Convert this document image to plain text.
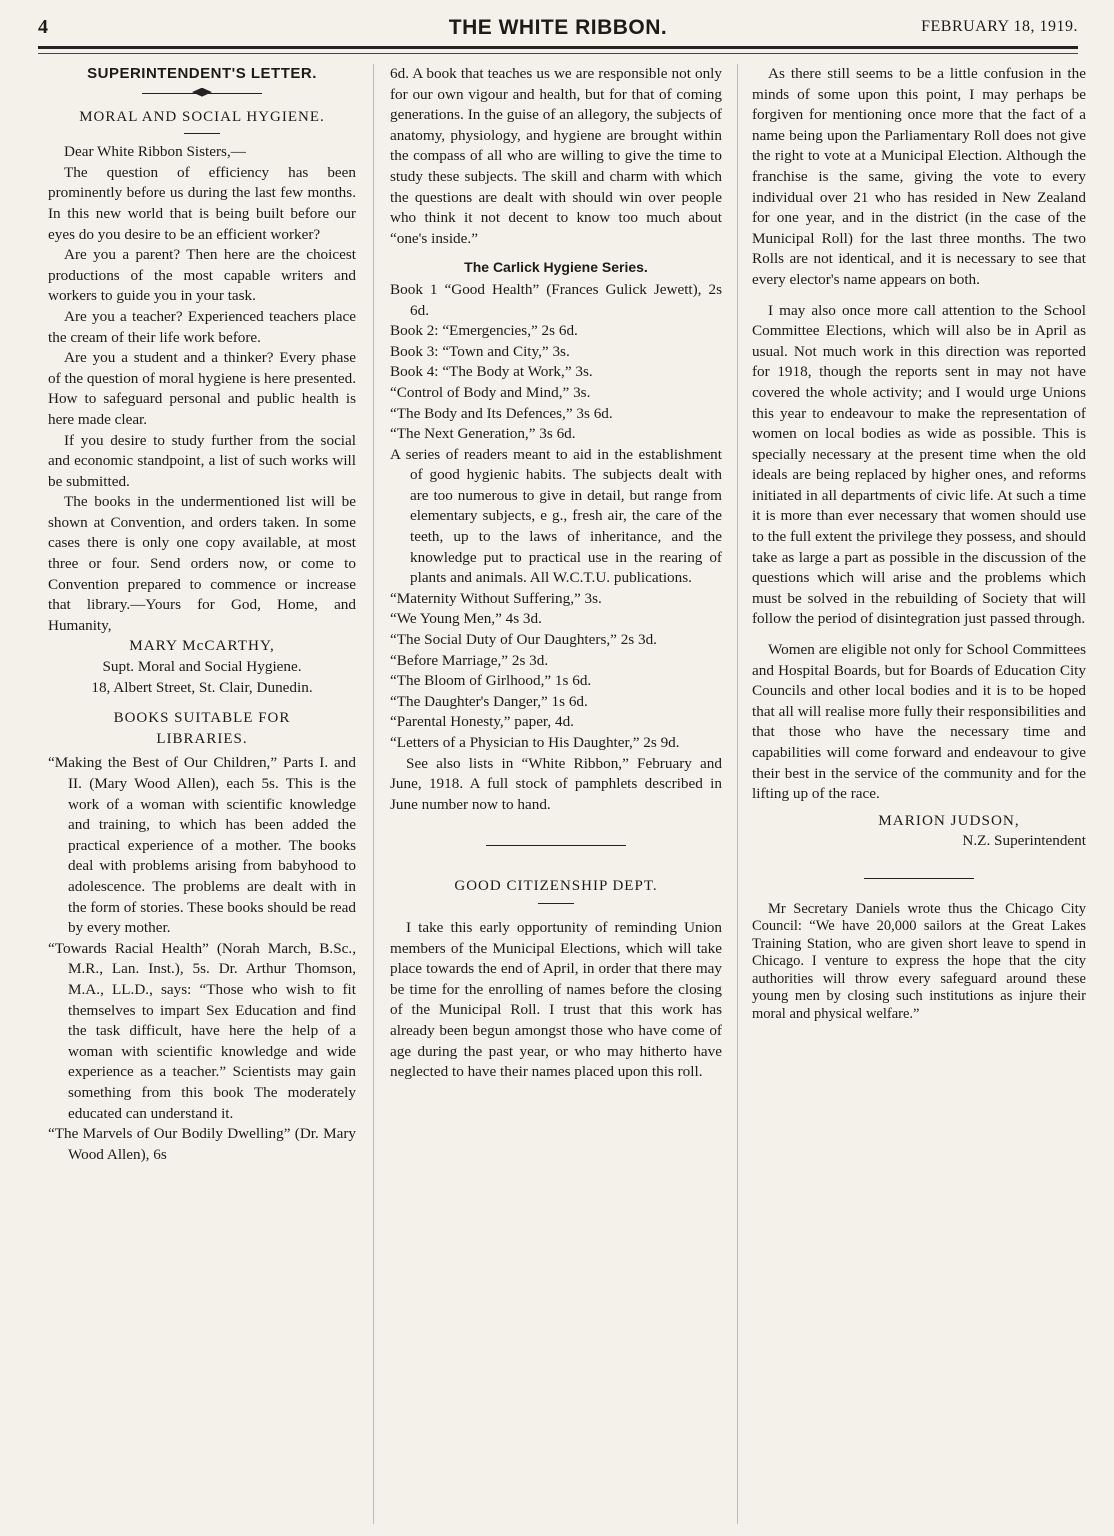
4	THE WHITE RIBBON.	FEBRUARY 18, 1919.
SUPERINTENDENT'S LETTER.
MORAL AND SOCIAL HYGIENE.

Dear White Ribbon Sisters,—

The question of efficiency has been prominently before us during the last few months. In this new world that is being built before our eyes do you desire to be an efficient worker?

Are you a parent? Then here are the choicest productions of the most capable writers and workers to guide you in your task.

Are you a teacher? Experienced teachers place the cream of their life work before.

Are you a student and a thinker? Every phase of the question of moral hygiene is here presented. How to safeguard personal and public health is here made clear.

If you desire to study further from the social and economic standpoint, a list of such works will be submitted.

The books in the undermentioned list will be shown at Convention, and orders taken. In some cases there is only one copy available, at most three or four. Send orders now, or come to Convention prepared to commence or increase that library.—Yours for God, Home, and Humanity,

MARY McCARTHY,

Supt. Moral and Social Hygiene.

18, Albert Street, St. Clair, Dunedin.

BOOKS SUITABLE FOR
LIBRARIES.

“Making the Best of Our Children,” Parts I. and II. (Mary Wood Allen), each 5s. This is the work of a woman with scientific knowledge and training, to which has been added the practical experience of a mother. The books deal with problems arising from babyhood to adolescence. The problems are dealt with in the form of stories. These books should be read by every mother.

“Towards Racial Health” (Norah March, B.Sc., M.R., Lan. Inst.), 5s. Dr. Arthur Thomson, M.A., LL.D., says: “Those who wish to fit themselves to impart Sex Education and find the task difficult, have here the help of a woman with scientific knowledge and wide experience as a teacher.” Scientists may gain something from this book The moderately educated can understand it.

“The Marvels of Our Bodily Dwelling” (Dr. Mary Wood Allen), 6s

6d. A book that teaches us we are responsible not only for our own vigour and health, but for that of coming generations. In the guise of an allegory, the subjects of anatomy, physiology, and hygiene are brought within the compass of all who are willing to give the time to study these subjects. The skill and charm with which the questions are dealt with should win over people who think it not decent to know too much about “one's inside.”

The Carlick Hygiene Series.

Book 1 “Good Health” (Frances Gulick Jewett), 2s 6d.

Book 2: “Emergencies,” 2s 6d.

Book 3: “Town and City,” 3s.

Book 4: “The Body at Work,” 3s.

“Control of Body and Mind,” 3s.

“The Body and Its Defences,” 3s 6d.

“The Next Generation,” 3s 6d.

A series of readers meant to aid in the establishment of good hygienic habits. The subjects dealt with are too numerous to give in detail, but range from elementary subjects, e g., fresh air, the care of the teeth, up to the laws of inheritance, and the knowledge put to practical use in the rearing of plants and animals. All W.C.T.U. publications.

“Maternity Without Suffering,” 3s.

“We Young Men,” 4s 3d.

“The Social Duty of Our Daughters,” 2s 3d.

“Before Marriage,” 2s 3d.

“The Bloom of Girlhood,” 1s 6d.

“The Daughter's Danger,” 1s 6d.

“Parental Honesty,” paper, 4d.

“Letters of a Physician to His Daughter,” 2s 9d.

See also lists in “White Ribbon,” February and June, 1918. A full stock of pamphlets described in June number now to hand.

GOOD CITIZENSHIP DEPT.

I take this early opportunity of reminding Union members of the Municipal Elections, which will take place towards the end of April, in order that there may be time for the enrolling of names before the closing of the Municipal Roll. I trust that this work has already been begun amongst those who have come of age during the past year, or who may hitherto have neglected to have their names placed upon this roll.

As there still seems to be a little confusion in the minds of some upon this point, I may perhaps be forgiven for mentioning once more that the fact of a name being upon the Parliamentary Roll does not give the right to vote at a Municipal Election. Although the franchise is the same, giving the vote to every individual over 21 who has resided in New Zealand for one year, and in the district (in the case of the Municipal Roll) for the last three months. The two Rolls are not identical, and it is necessary to see that every elector's name appears on both.

I may also once more call attention to the School Committee Elections, which will also be in April as usual. Not much work in this direction was reported for 1918, though the reports sent in may not have covered the whole activity; and I would urge Unions this year to endeavour to make the representation of women on local bodies as wide as possible. This is specially necessary at the present time when the old ideals are being replaced by higher ones, and reforms initiated in all departments of civic life. At such a time it is more than ever necessary that women should use to the full extent the privilege they possess, and should take as large a part as possible in the discussion of the questions which will arise and the problems which must be solved in the rebuilding of Society that will follow the period of disintegration just passed through.

Women are eligible not only for School Committees and Hospital Boards, but for Boards of Education City Councils and other local bodies and it is to be hoped that all will realise more fully their responsibilities and that those who have the necessary time and capabilities will come forward and endeavour to give their best in the service of the community and for the lifting up of the race.

MARION JUDSON,

N.Z. Superintendent

Mr Secretary Daniels wrote thus the Chicago City Council: “We have 20,000 sailors at the Great Lakes Training Station, who are given short leave to spend in Chicago. I venture to express the hope that the city authorities will throw every safeguard around these young men by closing such institutions as injure their moral and physical welfare.”
